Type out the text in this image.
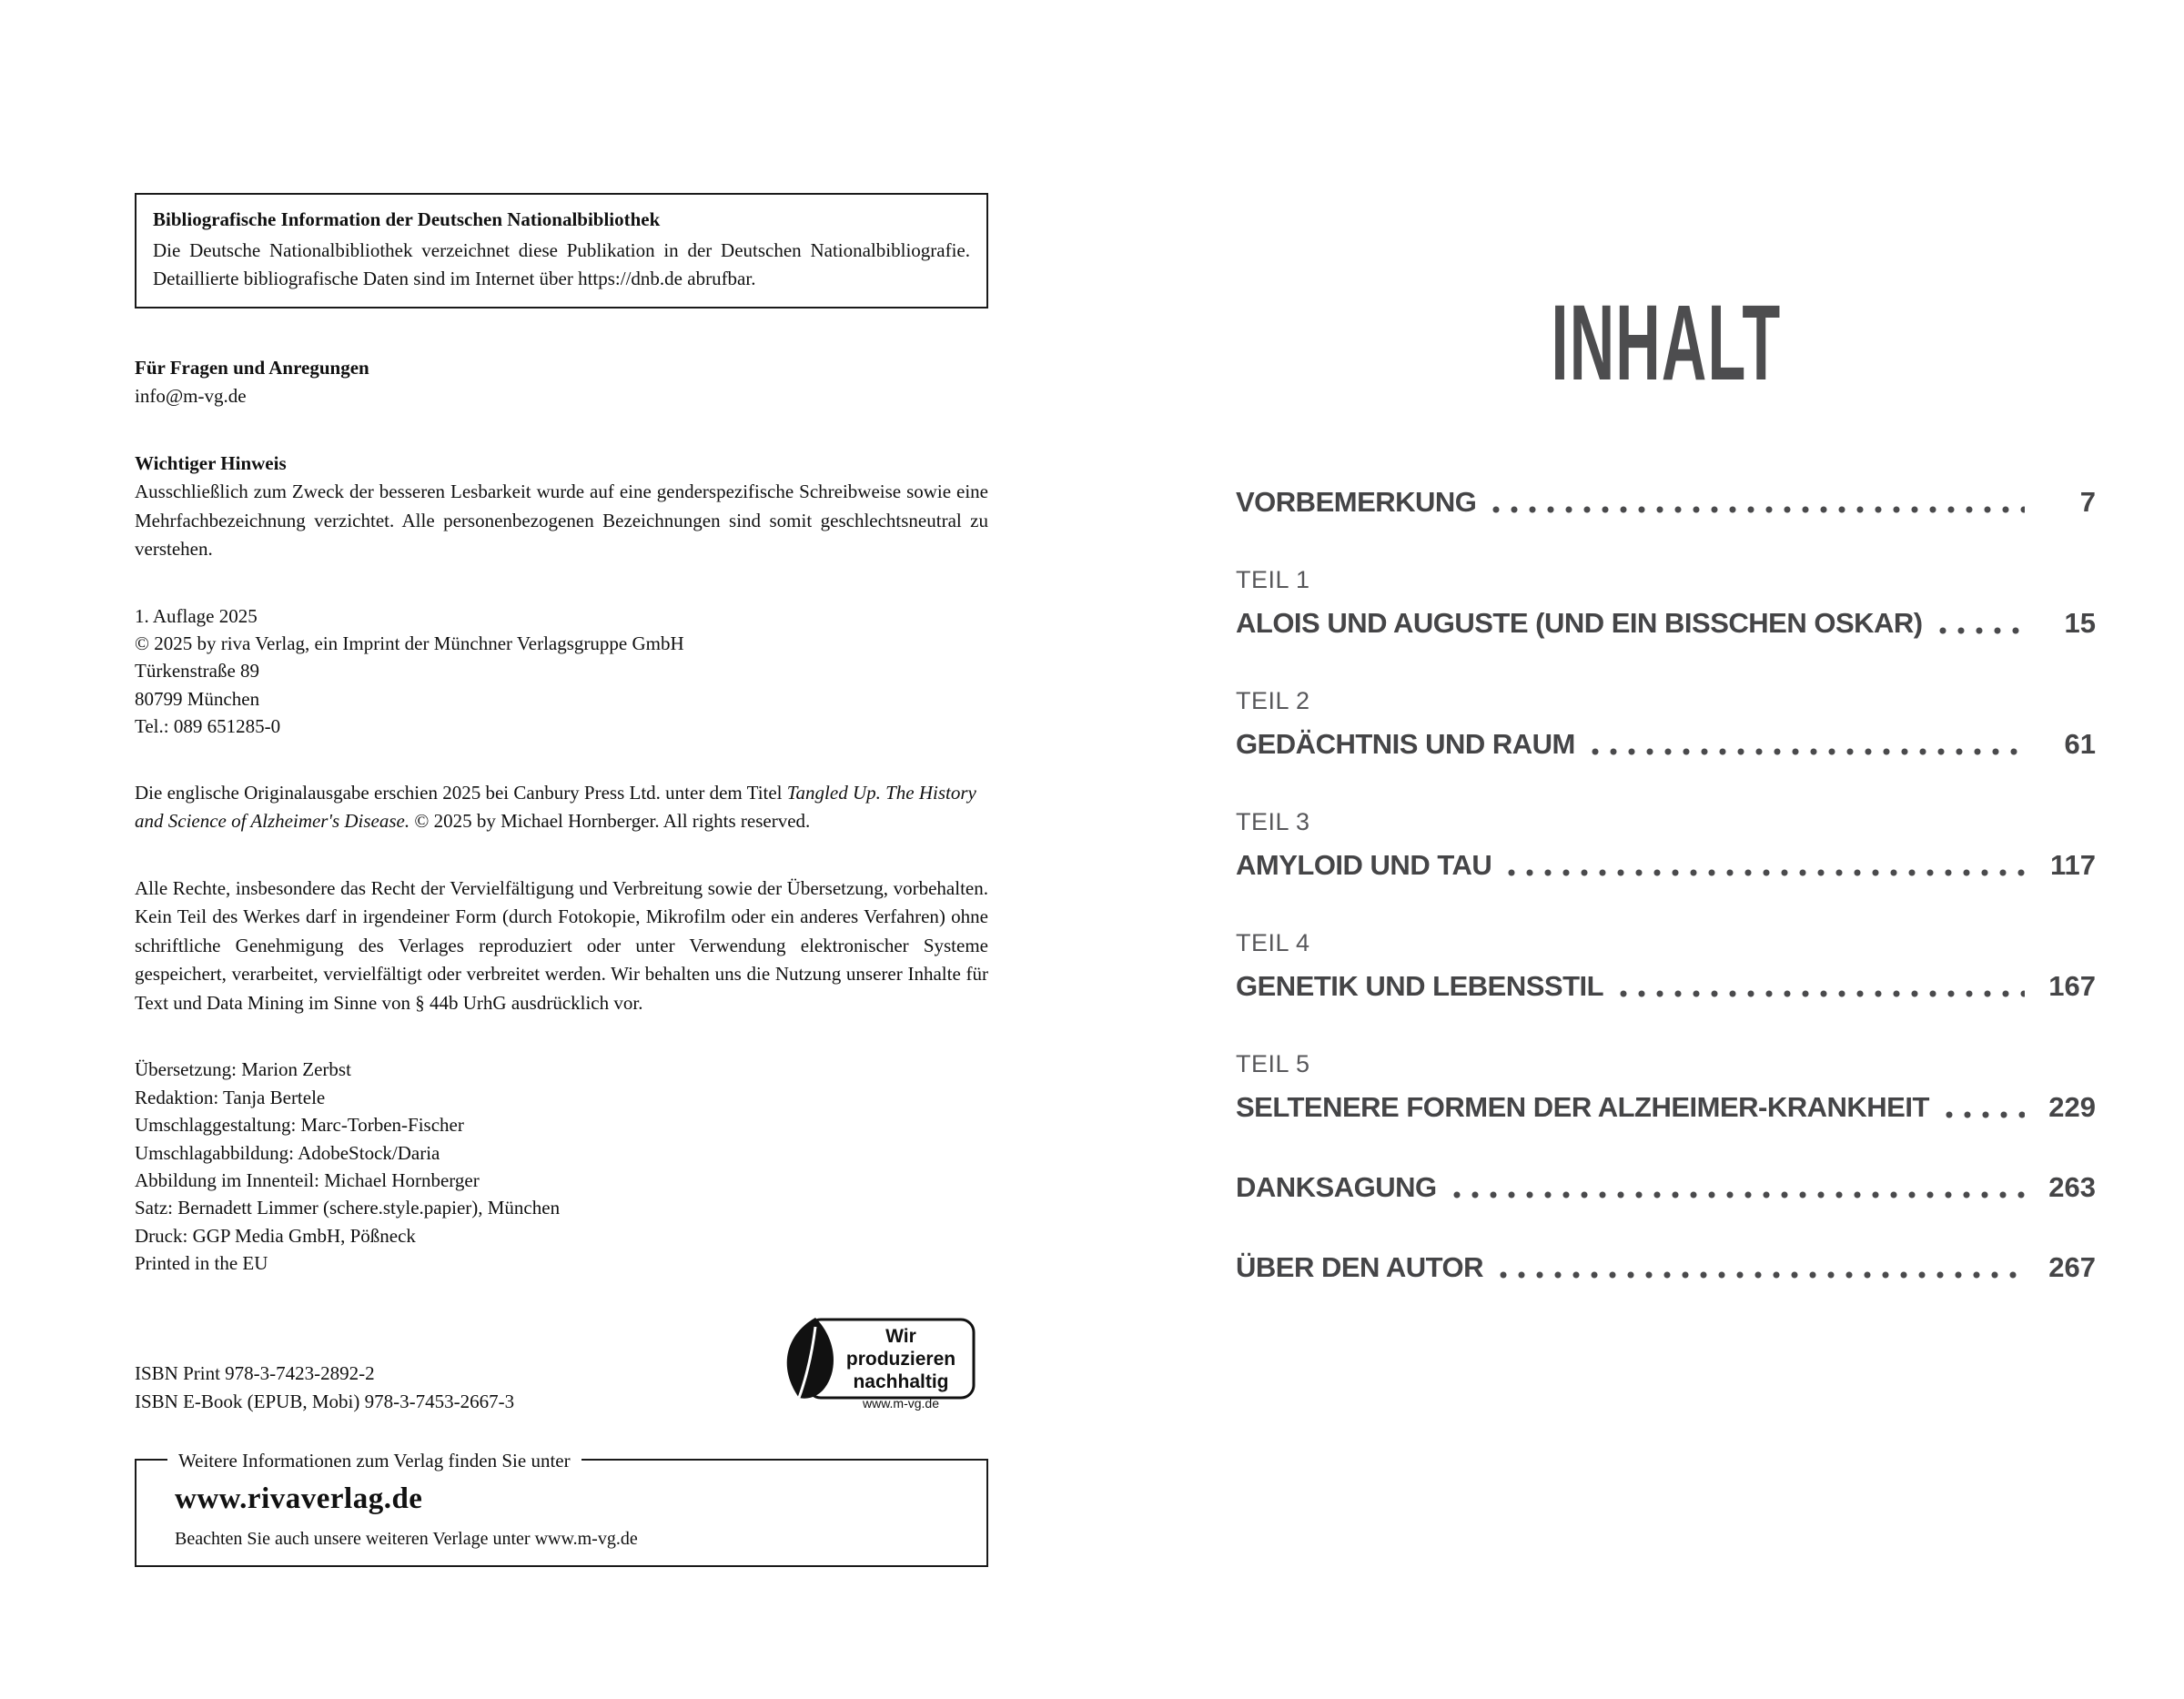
Bibliografische Information der Deutschen Nationalbibliothek
Die Deutsche Nationalbibliothek verzeichnet diese Publikation in der Deutschen Nationalbibliografie. Detaillierte bibliografische Daten sind im Internet über https://dnb.de abrufbar.
Für Fragen und Anregungen
info@m-vg.de
Wichtiger Hinweis
Ausschließlich zum Zweck der besseren Lesbarkeit wurde auf eine genderspezifische Schreibweise sowie eine Mehrfachbezeichnung verzichtet. Alle personenbezogenen Bezeichnungen sind somit geschlechtsneutral zu verstehen.
1. Auflage 2025
© 2025 by riva Verlag, ein Imprint der Münchner Verlagsgruppe GmbH
Türkenstraße 89
80799 München
Tel.: 089 651285-0
Die englische Originalausgabe erschien 2025 bei Canbury Press Ltd. unter dem Titel Tangled Up. The History and Science of Alzheimer's Disease. © 2025 by Michael Hornberger. All rights reserved.
Alle Rechte, insbesondere das Recht der Vervielfältigung und Verbreitung sowie der Übersetzung, vorbehalten. Kein Teil des Werkes darf in irgendeiner Form (durch Fotokopie, Mikrofilm oder ein anderes Verfahren) ohne schriftliche Genehmigung des Verlages reproduziert oder unter Verwendung elektronischer Systeme gespeichert, verarbeitet, vervielfältigt oder verbreitet werden. Wir behalten uns die Nutzung unserer Inhalte für Text und Data Mining im Sinne von § 44b UrhG ausdrücklich vor.
Übersetzung: Marion Zerbst
Redaktion: Tanja Bertele
Umschlaggestaltung: Marc-Torben-Fischer
Umschlagabbildung: AdobeStock/Daria
Abbildung im Innenteil: Michael Hornberger
Satz: Bernadett Limmer (schere.style.papier), München
Druck: GGP Media GmbH, Pößneck
Printed in the EU
ISBN Print 978-3-7423-2892-2
ISBN E-Book (EPUB, Mobi) 978-3-7453-2667-3
Wir produzieren
nachhaltig
www.m-vg.de
Weitere Informationen zum Verlag finden Sie unter
www.rivaverlag.de
Beachten Sie auch unsere weiteren Verlage unter www.m-vg.de
INHALT
VORBEMERKUNG	7
TEIL 1
ALOIS UND AUGUSTE (UND EIN BISSCHEN OSKAR)	15
TEIL 2
GEDÄCHTNIS UND RAUM	61
TEIL 3
AMYLOID UND TAU	117
TEIL 4
GENETIK UND LEBENSSTIL	167
TEIL 5
SELTENERE FORMEN DER ALZHEIMER-KRANKHEIT	229
DANKSAGUNG	263
ÜBER DEN AUTOR	267
